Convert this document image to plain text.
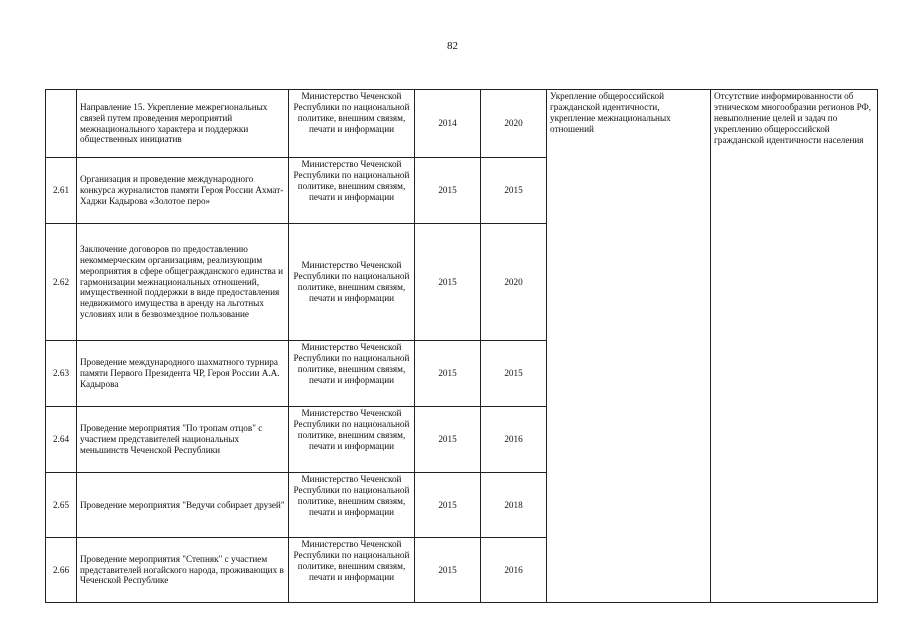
82
	Направление 15. Укрепление межрегиональных связей путем проведения мероприятий межнационального характера и поддержки общественных инициатив	Министерство Чеченской Республики по национальной политике, внешним связям, печати и информации	2014	2020	Укрепление общероссийской гражданской идентичности, укрепление межнациональных отношений	Отсутствие информированности об этническом многообразии регионов РФ, невыполнение целей и задач по укреплению общероссийской гражданской идентичности населения
2.61	Организация и проведение международного конкурса журналистов памяти Героя России Ахмат-Хаджи Кадырова «Золотое перо»	Министерство Чеченской Республики по национальной политике, внешним связям, печати и информации	2015	2015		
2.62	Заключение договоров по предоставлению некоммерческим организациям, реализующим мероприятия в сфере общегражданского единства и гармонизации межнациональных отношений, имущественной поддержки в виде предоставления недвижимого имущества в аренду на льготных условиях или в безвозмездное пользование	Министерство Чеченской Республики по национальной политике, внешним связям, печати и информации	2015	2020		
2.63	Проведение международного шахматного турнира памяти Первого Президента ЧР, Героя России А.А. Кадырова	Министерство Чеченской Республики по национальной политике, внешним связям, печати и информации	2015	2015		
2.64	Проведение мероприятия "По тропам отцов" с участием представителей национальных меньшинств Чеченской Республики	Министерство Чеченской Республики по национальной политике, внешним связям, печати и информации	2015	2016		
2.65	Проведение мероприятия "Ведучи собирает друзей"	Министерство Чеченской Республики по национальной политике, внешним связям, печати и информации	2015	2018		
2.66	Проведение мероприятия "Степняк" с участием представителей ногайского народа, проживающих в Чеченской Республике	Министерство Чеченской Республики по национальной политике, внешним связям, печати и информации	2015	2016		
